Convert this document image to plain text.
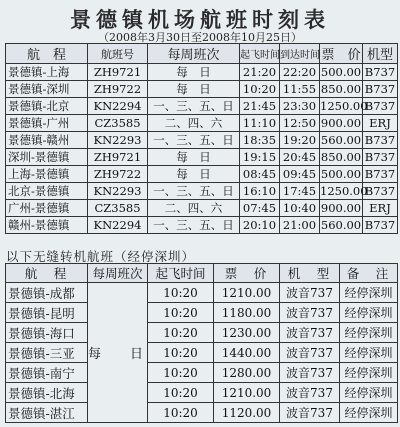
景德镇机场航班时刻表
（2008年3月30日至2008年10月25日）
航　程	航班号	每周班次	起飞时间	到达时间	票　价	机型
景德镇-上海	ZH9721	每　日	21:20	22:20	500.00	B737
景德镇-深圳	ZH9722	每　日	10:20	11:55	850.00	B737
景德镇-北京	KN2294	一、三、五、日	21:45	23:30	1250.00	B737
景德镇-广州	CZ3585	二、四、六	11:10	12:50	900.00	ERJ
景德镇-赣州	KN2293	一、三、五、日	18:35	19:20	560.00	B737
深圳-景德镇	ZH9721	每　日	19:15	20:45	850.00	B737
上海-景德镇	ZH9722	每　日	08:45	09:45	500.00	B737
北京-景德镇	KN2293	一、三、五、日	16:10	17:45	1250.00	B737
广州-景德镇	CZ3585	二、四、六	07:45	10:40	900.00	ERJ
赣州-景德镇	KN2294	一、三、五、日	20:10	21:00	560.00	B737
以下无缝转机航班（经停深圳）
航　程	每周班次	起飞时间	票　价	机　型	备　注
景德镇-成都	每　日	10:20	1210.00	波音737	经停深圳
景德镇-昆明		10:20	1180.00	波音737	经停深圳
景德镇-海口		10:20	1230.00	波音737	经停深圳
景德镇-三亚		10:20	1440.00	波音737	经停深圳
景德镇-南宁		10:20	1280.00	波音737	经停深圳
景德镇-北海		10:20	1210.00	波音737	经停深圳
景德镇-湛江		10:20	1120.00	波音737	经停深圳
